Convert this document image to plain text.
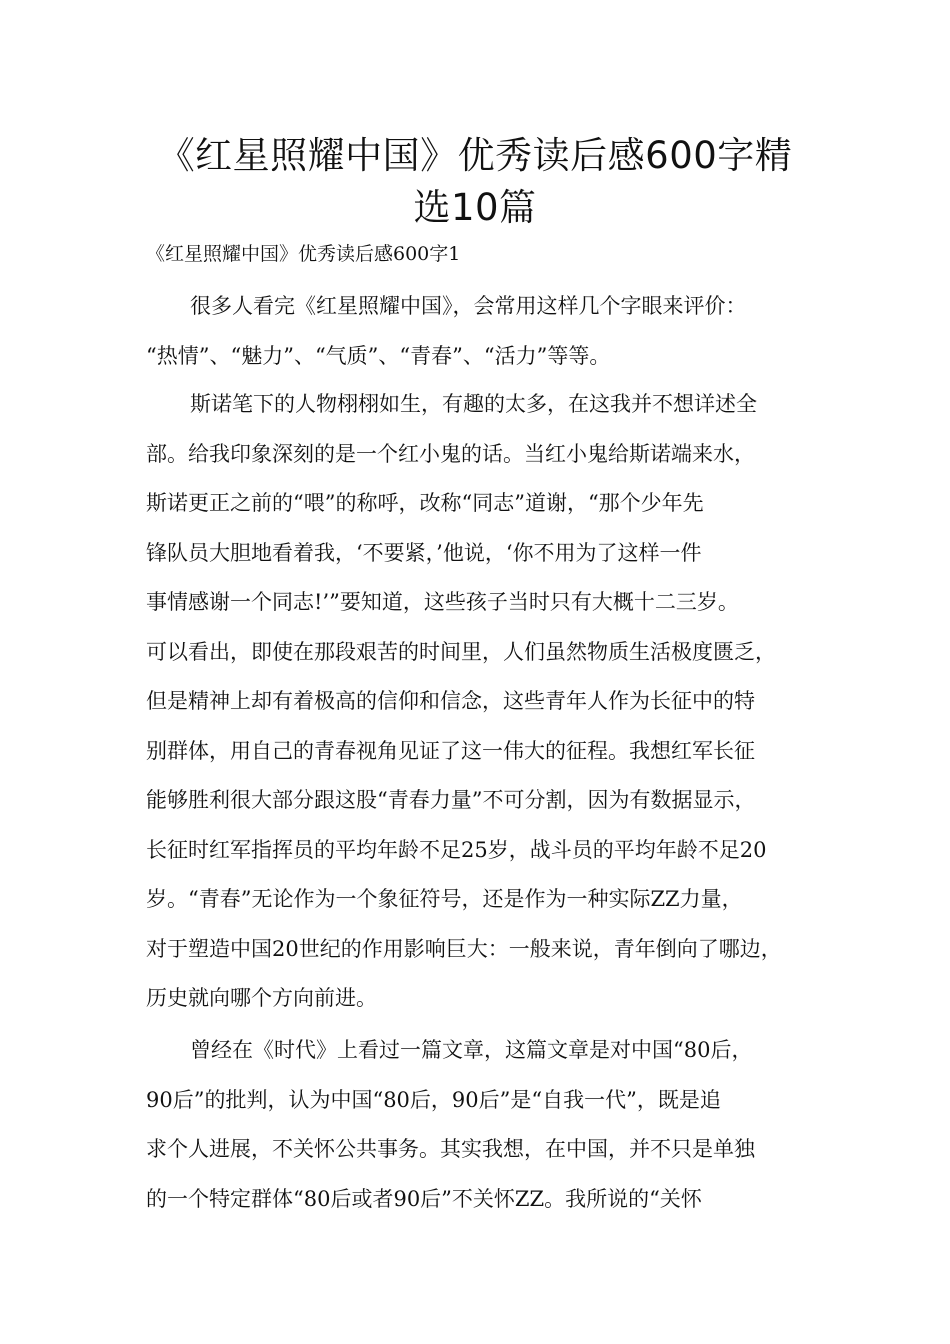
《红星照耀中国》优秀读后感600字精
选10篇
《红星照耀中国》优秀读后感600字1
很多人看完《红星照耀中国》，会常用这样几个字眼来评价：
“热情”、“魅力”、“气质”、“青春”、“活力”等等。
斯诺笔下的人物栩栩如生，有趣的太多，在这我并不想详述全
部。给我印象深刻的是一个红小鬼的话。当红小鬼给斯诺端来水，
斯诺更正之前的“喂”的称呼，改称“同志”道谢，“那个少年先
锋队员大胆地看着我，‘不要紧，’他说，‘你不用为了这样一件
事情感谢一个同志!’”要知道，这些孩子当时只有大概十二三岁。
可以看出，即使在那段艰苦的时间里，人们虽然物质生活极度匮乏，
但是精神上却有着极高的信仰和信念，这些青年人作为长征中的特
别群体，用自己的青春视角见证了这一伟大的征程。我想红军长征
能够胜利很大部分跟这股“青春力量”不可分割，因为有数据显示，
长征时红军指挥员的平均年龄不足25岁，战斗员的平均年龄不足20
岁。“青春”无论作为一个象征符号，还是作为一种实际ZZ力量，
对于塑造中国20世纪的作用影响巨大：一般来说，青年倒向了哪边，
历史就向哪个方向前进。
曾经在《时代》上看过一篇文章，这篇文章是对中国“80后，
90后”的批判，认为中国“80后，90后”是“自我一代”，既是追
求个人进展，不关怀公共事务。其实我想，在中国，并不只是单独
的一个特定群体“80后或者90后”不关怀ZZ。我所说的“关怀
